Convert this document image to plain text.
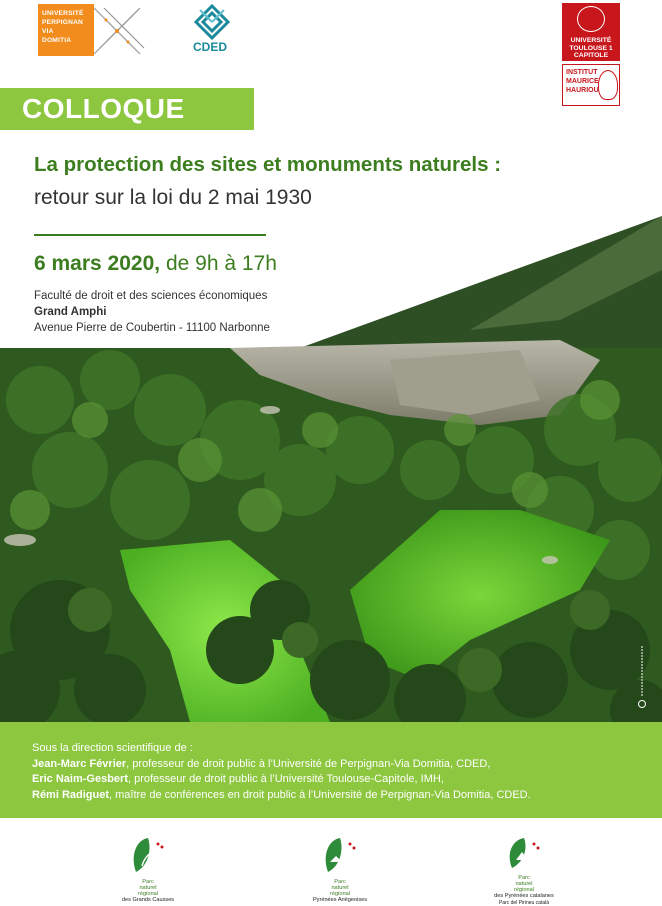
UNIVERSITÉ
PERPIGNAN
VIA
DOMITIA	CDED	UNIVERSITÉ
TOULOUSE 1
CAPITOLE
INSTITUT
MAURICE
HAURIOU
COLLOQUE
La protection des sites et monuments naturels :
retour sur la loi du 2 mai 1930
6 mars 2020, de 9h à 17h
Faculté de droit et des sciences économiques
Grand Amphi
Avenue Pierre de Coubertin - 11100 Narbonne
Sous la direction scientifique de :
Jean-Marc Février, professeur de droit public à l’Université de Perpignan-Via Domitia, CDED,
Eric Naim-Gesbert, professeur de droit public à l’Université Toulouse-Capitole, IMH,
Rémi Radiguet, maître de conférences en droit public à l’Université de Perpignan-Via Domitia, CDED.
Parc
naturel
régional
des Grands Causses
Parc
naturel
régional
Pyrénées Ariégeoises
Parc
naturel
régional
des Pyrénées catalanes
Parc del Pirineu català
